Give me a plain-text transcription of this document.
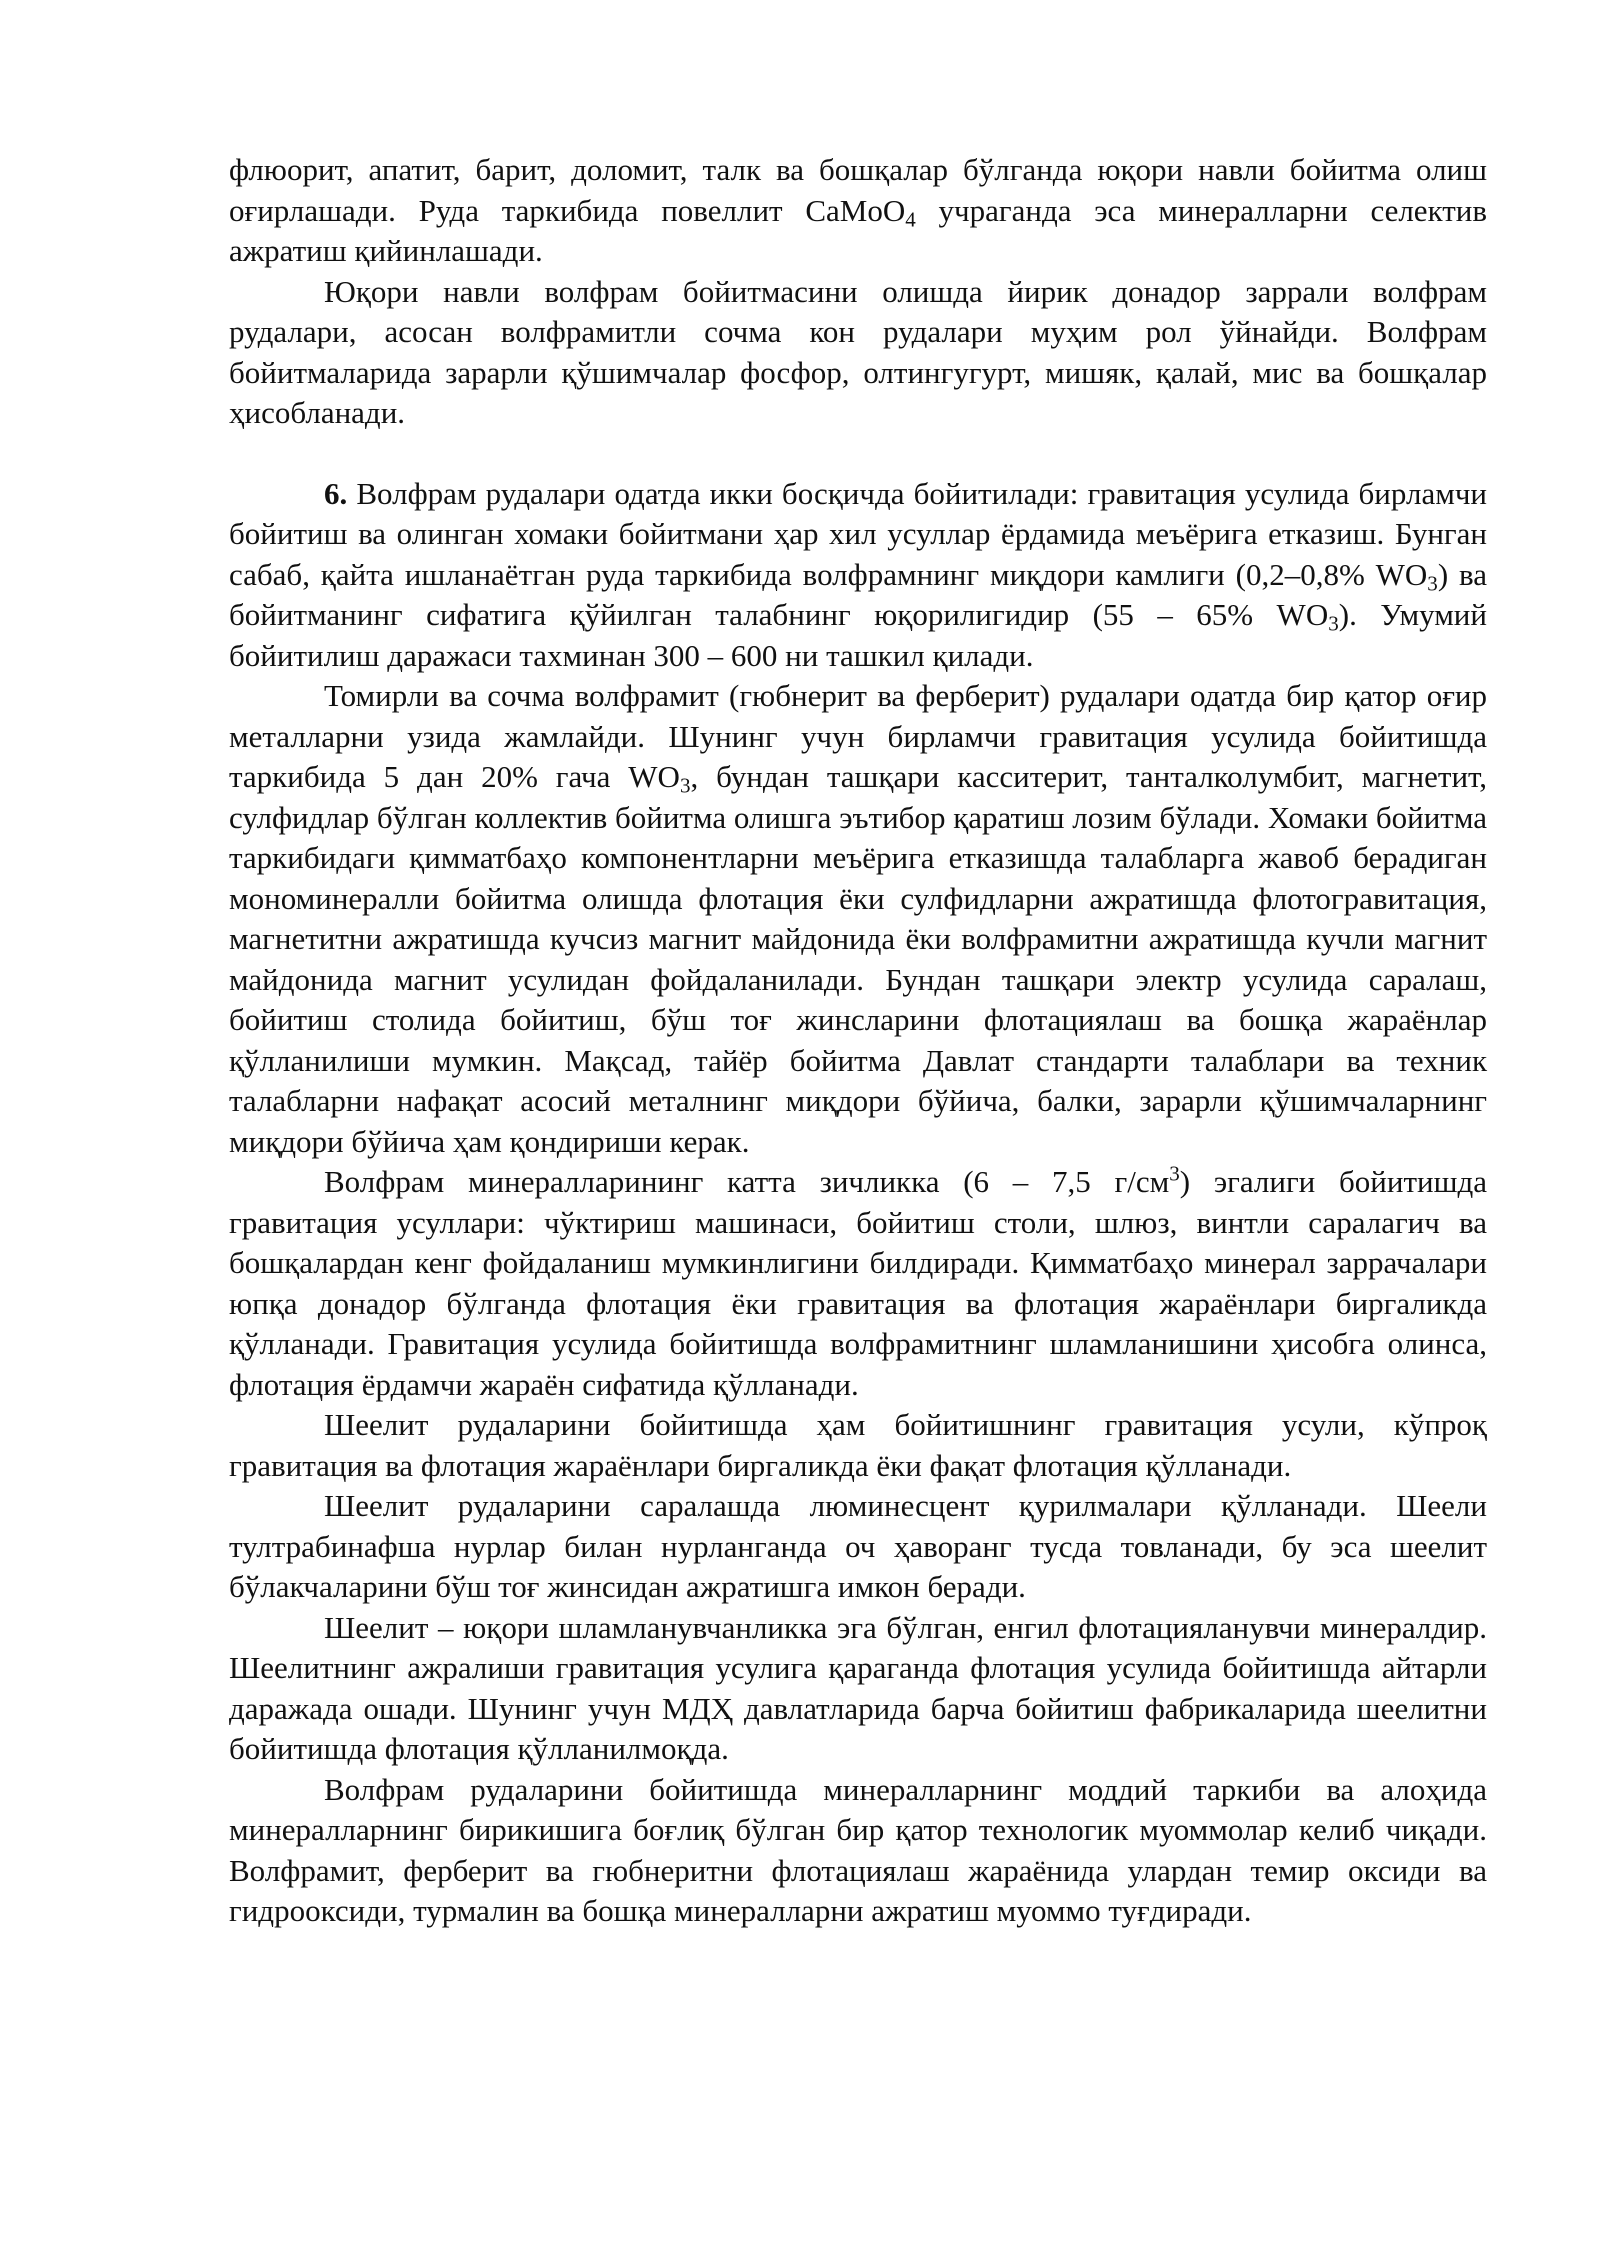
флюорит, апатит, барит, доломит, талк ва бошқалар бўлганда юқори навли бойитма олиш оғирлашади. Руда таркибида повеллит CaMoO$_4$ учраганда эса минералларни селектив ажратиш қийинлашади.

Юқори навли волфрам бойитмасини олишда йирик донадор заррали волфрам рудалари, асосан волфрамитли сочма кон рудалари муҳим рол ўйнайди. Волфрам бойитмаларида зарарли қўшимчалар фосфор, олтингугурт, мишяк, қалай, мис ва бошқалар ҳисобланади.

6. Волфрам рудалари одатда икки босқичда бойитилади: гравитация усулида бирламчи бойитиш ва олинган хомаки бойитмани ҳар хил усуллар ёрдамида меъёрига етказиш. Бунган сабаб, қайта ишланаётган руда таркибида волфрамнинг миқдори камлиги (0,2–0,8% $WO_3$) ва бойитманинг сифатига қўйилган талабнинг юқорилигидир (55 – 65% $WO_3$). Умумий бойитилиш даражаси тахминан 300 – 600 ни ташкил қилади.

Томирли ва сочма волфрамит (гюбнерит ва ферберит) рудалари одатда бир қатор оғир металларни узида жамлайди. Шунинг учун бирламчи гравитация усулида бойитишда таркибида 5 дан 20% гача $WO_3$, бундан ташқари касситерит, танталколумбит, магнетит, сулфидлар бўлган коллектив бойитма олишга эътибор қаратиш лозим бўлади. Хомаки бойитма таркибидаги қимматбаҳо компонентларни меъёрига етказишда талабларга жавоб берадиган мономинералли бойитма олишда флотация ёки сулфидларни ажратишда флотогравитация, магнетитни ажратишда кучсиз магнит майдонида ёки волфрамитни ажратишда кучли магнит майдонида магнит усулидан фойдаланилади. Бундан ташқари электр усулида саралаш, бойитиш столида бойитиш, бўш тоғ жинсларини флотациялаш ва бошқа жараёнлар қўлланилиши мумкин. Мақсад, тайёр бойитма Давлат стандарти талаблари ва техник талабларни нафақат асосий металнинг миқдори бўйича, балки, зарарли қўшимчаларнинг миқдори бўйича ҳам қондириши керак.

Волфрам минералларининг катта зичликка (6 – 7,5 $г/см^3$) эгалиги бойитишда гравитация усуллари: чўктириш машинаси, бойитиш столи, шлюз, винтли саралагич ва бошқалардан кенг фойдаланиш мумкинлигини билдиради. Қимматбаҳо минерал заррачалари юпқа донадор бўлганда флотация ёки гравитация ва флотация жараёнлари биргаликда қўлланади. Гравитация усулида бойитишда волфрамитнинг шламланишини ҳисобга олинса, флотация ёрдамчи жараён сифатида қўлланади.

Шеелит рудаларини бойитишда ҳам бойитишнинг гравитация усули, кўпроқ гравитация ва флотация жараёнлари биргаликда ёки фақат флотация қўлланади.

Шеелит рудаларини саралашда люминесцент қурилмалари қўлланади. Шеели тултрабинафша нурлар билан нурланганда оч ҳаворанг тусда товланади, бу эса шеелит бўлакчаларини бўш тоғ жинсидан ажратишга имкон беради.

Шеелит – юқори шламланувчанликка эга бўлган, енгил флотацияланувчи минералдир. Шеелитнинг ажралиши гравитация усулига қараганда флотация усулида бойитишда айтарли даражада ошади. Шунинг учун МДҲ давлатларида барча бойитиш фабрикаларида шеелитни бойитишда флотация қўлланилмоқда.

Волфрам рудаларини бойитишда минералларнинг моддий таркиби ва алоҳида минералларнинг бирикишига боғлиқ бўлган бир қатор технологик муоммолар келиб чиқади. Волфрамит, ферберит ва гюбнеритни флотациялаш жараёнида улардан темир оксиди ва гидрооксиди, турмалин ва бошқа минералларни ажратиш муоммо туғдиради.
